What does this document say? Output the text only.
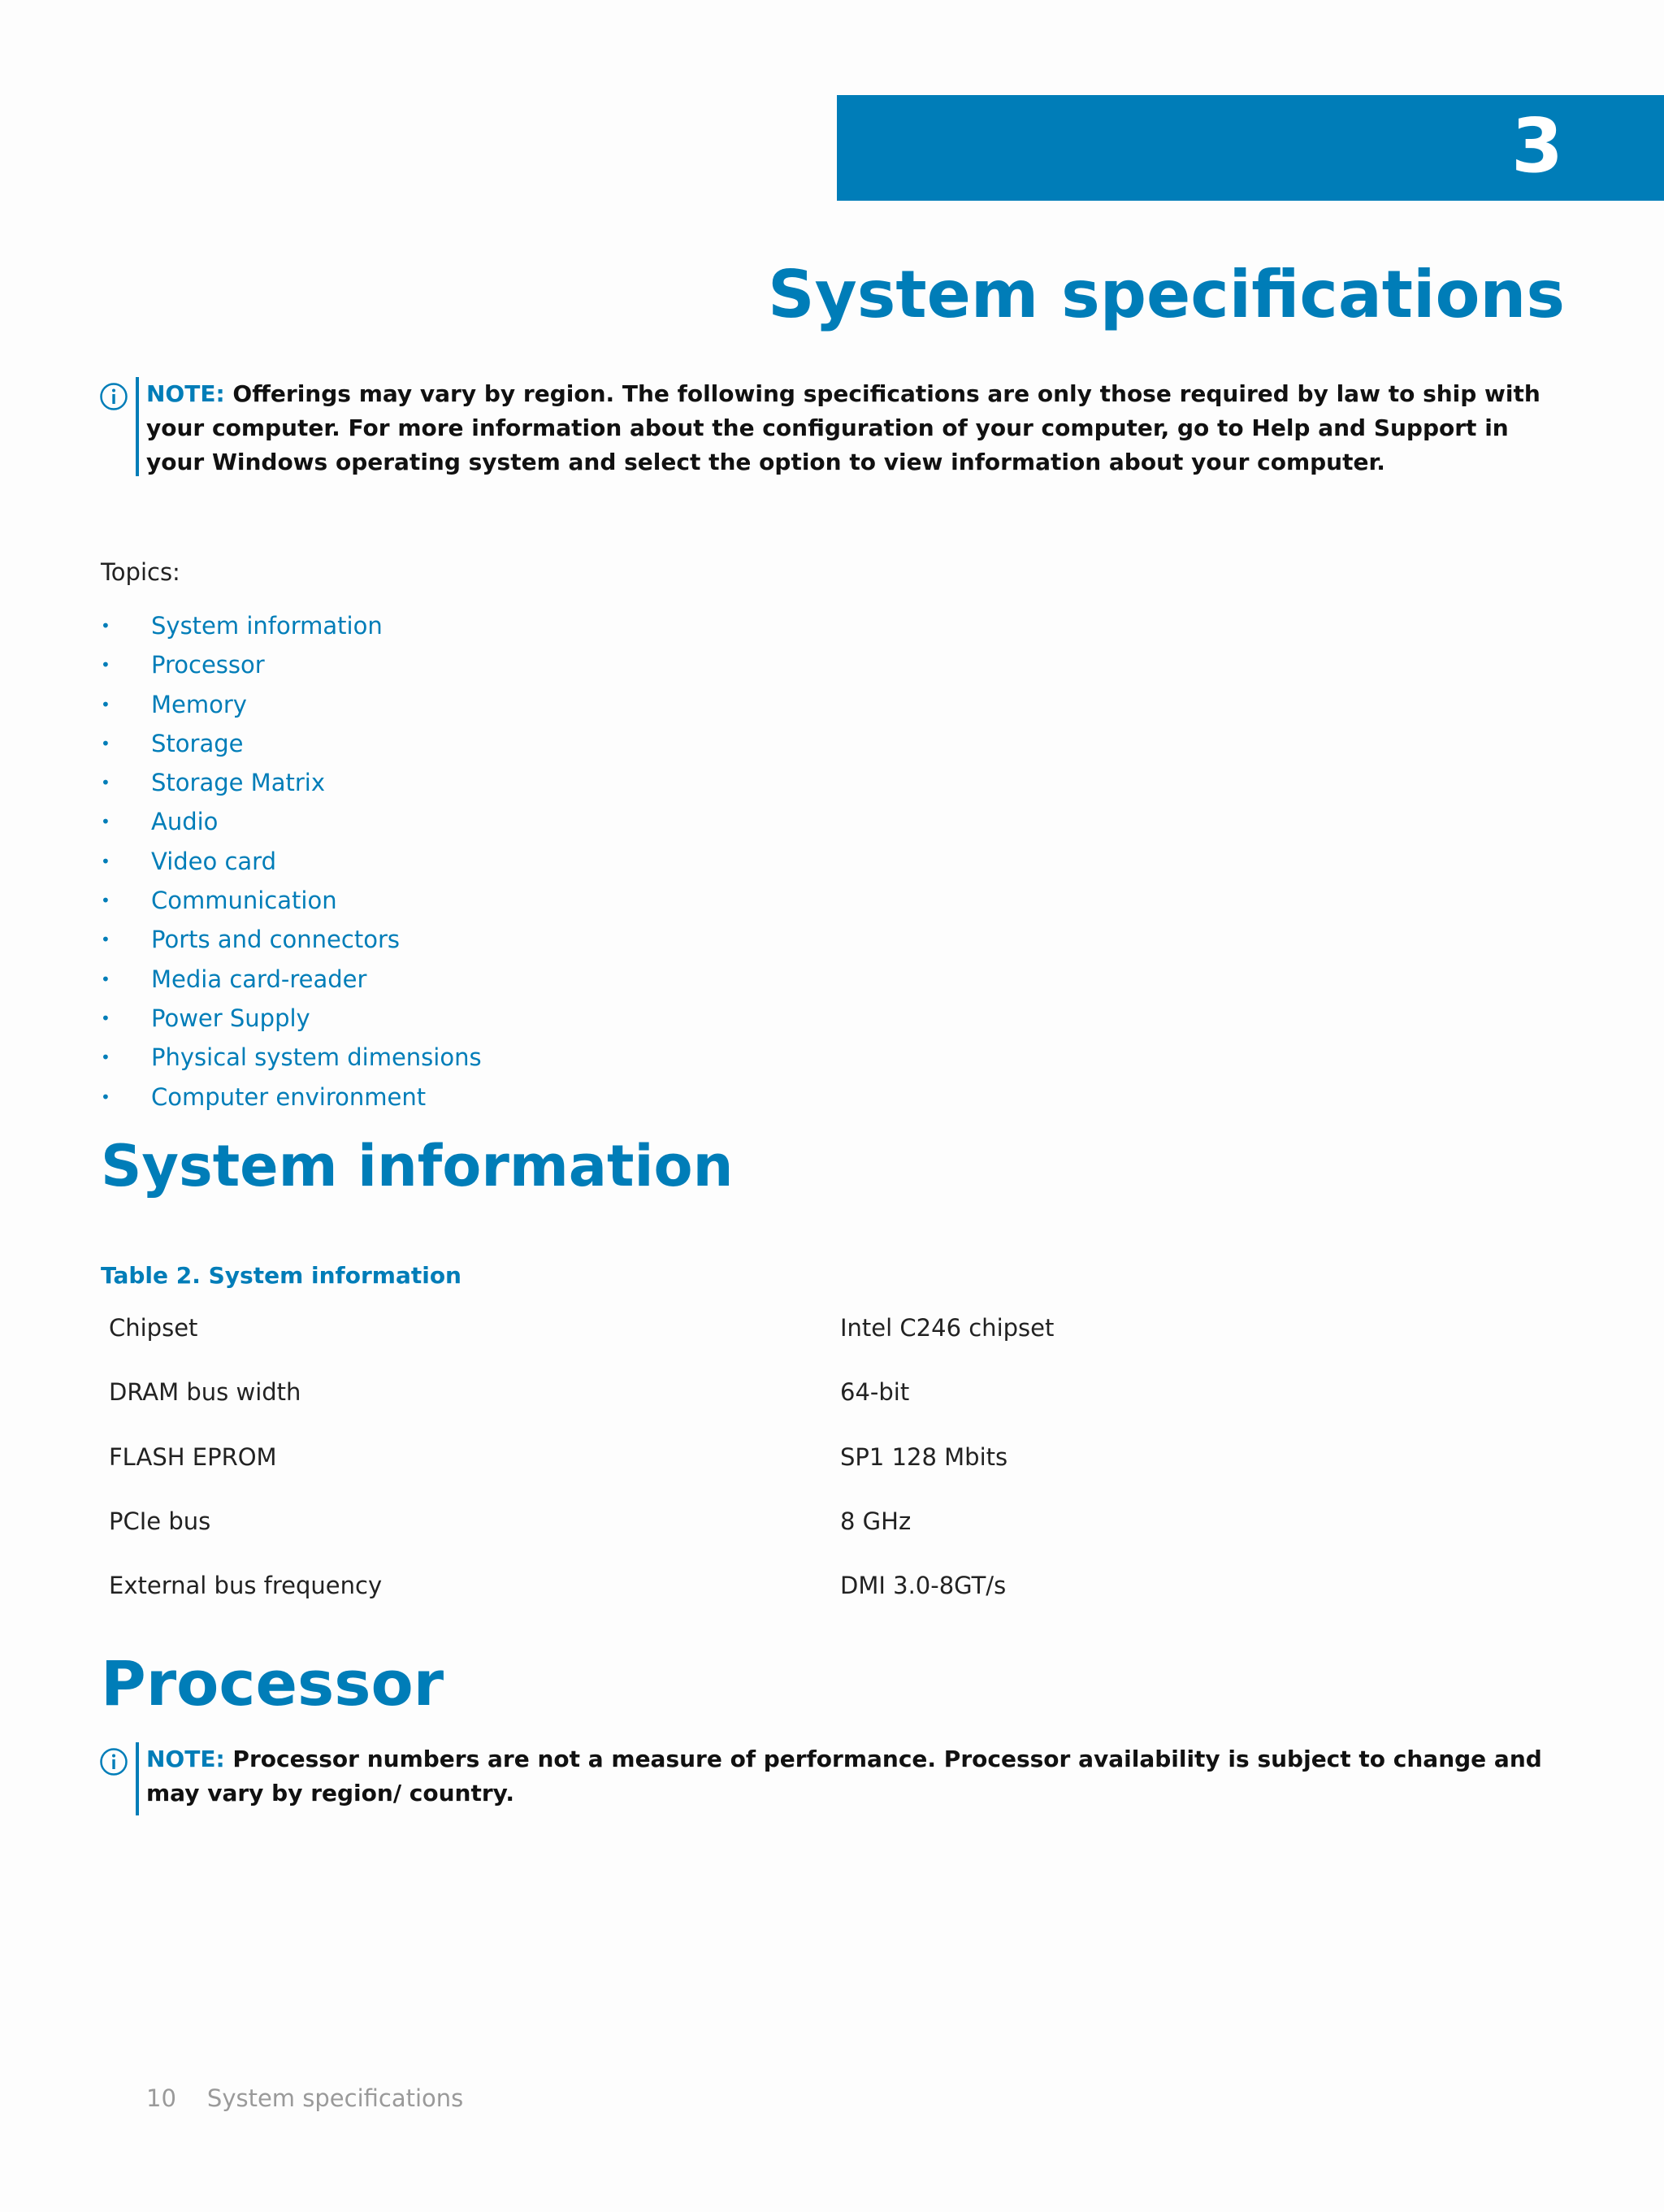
3
System specifications

NOTE: Offerings may vary by region. The following specifications are only those required by law to ship with your computer. For more information about the configuration of your computer, go to Help and Support in your Windows operating system and select the option to view information about your computer.

Topics:

• System information
• Processor
• Memory
• Storage
• Storage Matrix
• Audio
• Video card
• Communication
• Ports and connectors
• Media card-reader
• Power Supply
• Physical system dimensions
• Computer environment
System information

Table 2. System information

Chipset	Intel C246 chipset
DRAM bus width	64-bit
FLASH EPROM	SP1 128 Mbits
PCIe bus	8 GHz
External bus frequency	DMI 3.0-8GT/s
Processor

NOTE: Processor numbers are not a measure of performance. Processor availability is subject to change and may vary by region/ country.

10 System specifications
